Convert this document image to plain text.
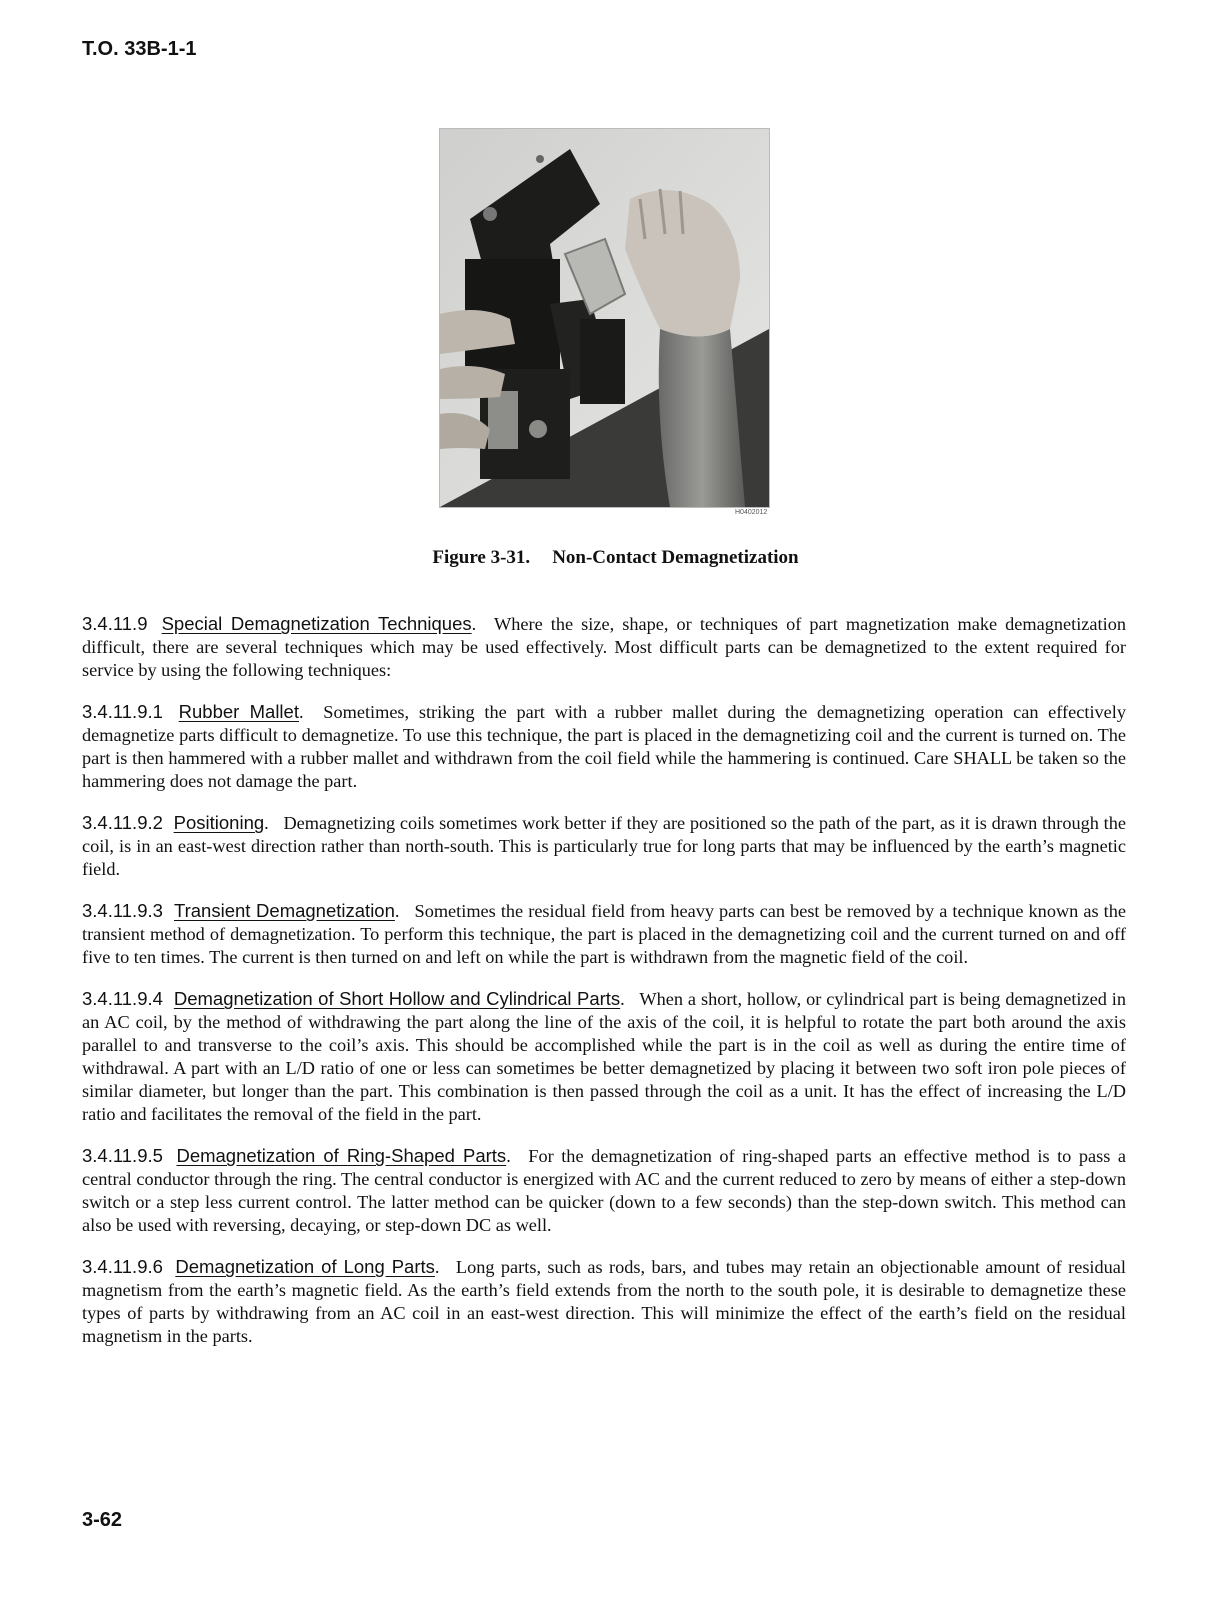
T.O. 33B-1-1
H0402012
Figure 3-31. Non-Contact Demagnetization

3.4.11.9 Special Demagnetization Techniques. Where the size, shape, or techniques of part magnetization make demagnetization difficult, there are several techniques which may be used effectively. Most difficult parts can be demagnetized to the extent required for service by using the following techniques:

3.4.11.9.1 Rubber Mallet. Sometimes, striking the part with a rubber mallet during the demagnetizing operation can effectively demagnetize parts difficult to demagnetize. To use this technique, the part is placed in the demagnetizing coil and the current is turned on. The part is then hammered with a rubber mallet and withdrawn from the coil field while the hammering is continued. Care SHALL be taken so the hammering does not damage the part.

3.4.11.9.2 Positioning. Demagnetizing coils sometimes work better if they are positioned so the path of the part, as it is drawn through the coil, is in an east-west direction rather than north-south. This is particularly true for long parts that may be influenced by the earth’s magnetic field.

3.4.11.9.3 Transient Demagnetization. Sometimes the residual field from heavy parts can best be removed by a technique known as the transient method of demagnetization. To perform this technique, the part is placed in the demagnetizing coil and the current turned on and off five to ten times. The current is then turned on and left on while the part is withdrawn from the magnetic field of the coil.

3.4.11.9.4 Demagnetization of Short Hollow and Cylindrical Parts. When a short, hollow, or cylindrical part is being demagnetized in an AC coil, by the method of withdrawing the part along the line of the axis of the coil, it is helpful to rotate the part both around the axis parallel to and transverse to the coil’s axis. This should be accomplished while the part is in the coil as well as during the entire time of withdrawal. A part with an L/D ratio of one or less can sometimes be better demagnetized by placing it between two soft iron pole pieces of similar diameter, but longer than the part. This combination is then passed through the coil as a unit. It has the effect of increasing the L/D ratio and facilitates the removal of the field in the part.

3.4.11.9.5 Demagnetization of Ring-Shaped Parts. For the demagnetization of ring-shaped parts an effective method is to pass a central conductor through the ring. The central conductor is energized with AC and the current reduced to zero by means of either a step-down switch or a step less current control. The latter method can be quicker (down to a few seconds) than the step-down switch. This method can also be used with reversing, decaying, or step-down DC as well.

3.4.11.9.6 Demagnetization of Long Parts. Long parts, such as rods, bars, and tubes may retain an objectionable amount of residual magnetism from the earth’s magnetic field. As the earth’s field extends from the north to the south pole, it is desirable to demagnetize these types of parts by withdrawing from an AC coil in an east-west direction. This will minimize the effect of the earth’s field on the residual magnetism in the parts.

3-62
